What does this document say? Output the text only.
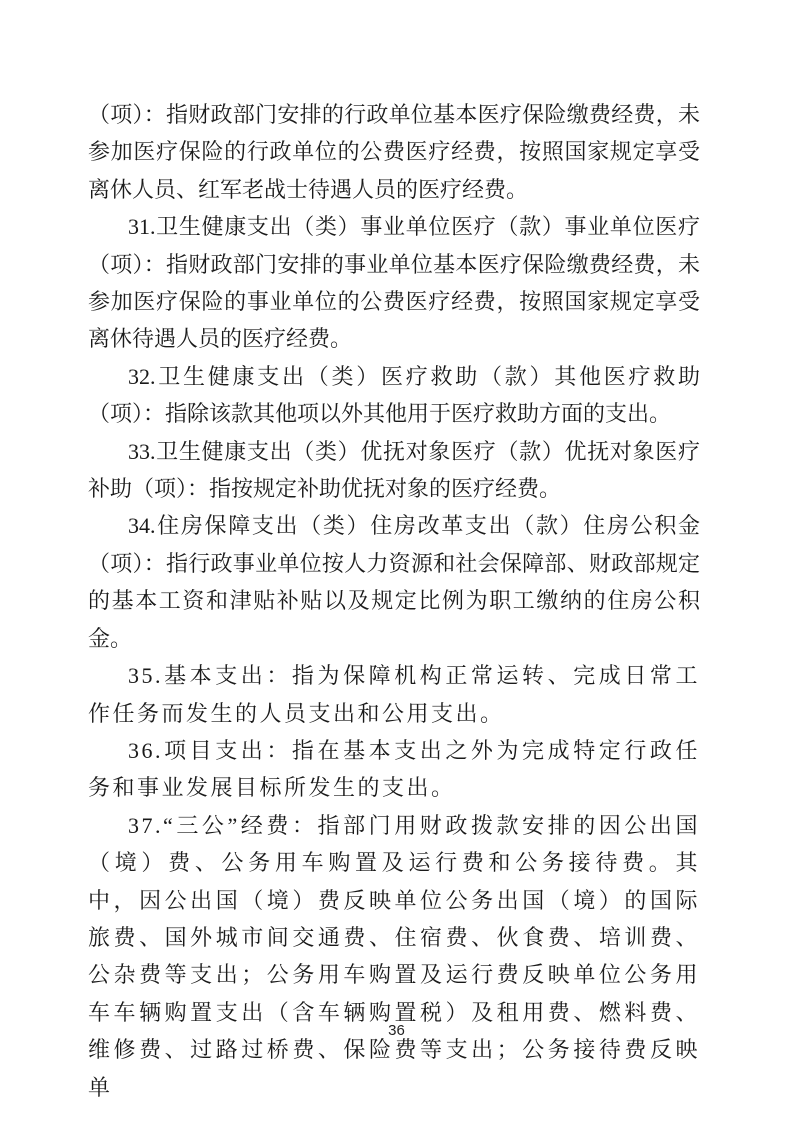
（项）：指财政部门安排的行政单位基本医疗保险缴费经费，未参加医疗保险的行政单位的公费医疗经费，按照国家规定享受离休人员、红军老战士待遇人员的医疗经费。

31.卫生健康支出（类）事业单位医疗（款）事业单位医疗（项）：指财政部门安排的事业单位基本医疗保险缴费经费，未参加医疗保险的事业单位的公费医疗经费，按照国家规定享受离休待遇人员的医疗经费。

32.卫生健康支出（类）医疗救助（款）其他医疗救助（项）：指除该款其他项以外其他用于医疗救助方面的支出。

33.卫生健康支出（类）优抚对象医疗（款）优抚对象医疗补助（项）：指按规定补助优抚对象的医疗经费。

34.住房保障支出（类）住房改革支出（款）住房公积金（项）：指行政事业单位按人力资源和社会保障部、财政部规定的基本工资和津贴补贴以及规定比例为职工缴纳的住房公积金。

35.基本支出：指为保障机构正常运转、完成日常工作任务而发生的人员支出和公用支出。

36.项目支出：指在基本支出之外为完成特定行政任务和事业发展目标所发生的支出。

37.“三公”经费：指部门用财政拨款安排的因公出国（境）费、公务用车购置及运行费和公务接待费。其中，因公出国（境）费反映单位公务出国（境）的国际旅费、国外城市间交通费、住宿费、伙食费、培训费、公杂费等支出；公务用车购置及运行费反映单位公务用车车辆购置支出（含车辆购置税）及租用费、燃料费、维修费、过路过桥费、保险费等支出；公务接待费反映单

36
